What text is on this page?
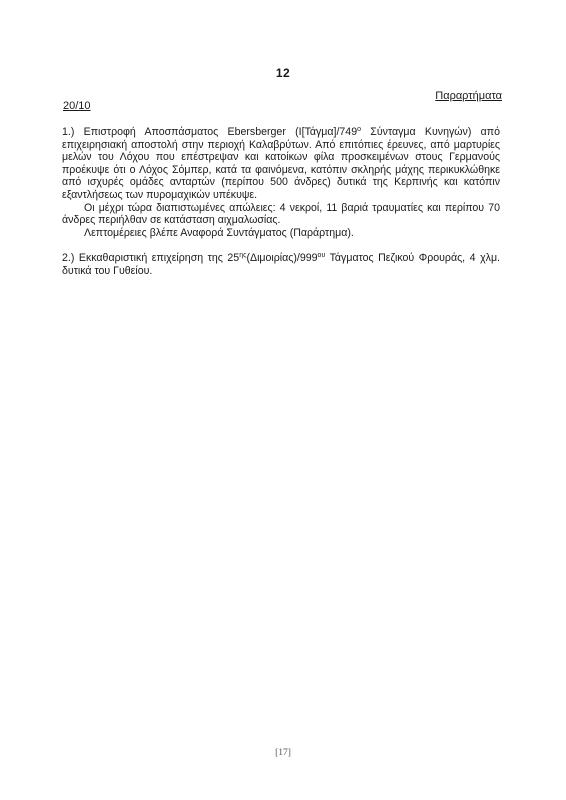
12
Παραρτήματα
20/10

1.) Επιστροφή Αποσπάσματος Ebersberger ($I[Tά\gamma\mu\alpha]/749^o$ Σύνταγμα Κυνηγών) από επιχειρησιακή αποστολή στην περιοχή Καλαβρύτων. Από επιτόπιες έρευνες, από μαρτυρίες μελών του Λόχου που επέστρεψαν και κατοίκων φίλα προσκειμένων στους Γερμανούς προέκυψε ότι ο Λόχος Σόμπερ, κατά τα φαινόμενα, κατόπιν σκληρής μάχης περικυκλώθηκε από ισχυρές ομάδες ανταρτών (περίπου 500 άνδρες) δυτικά της Κερπινής και κατόπιν εξαντλήσεως των πυρομαχικών υπέκυψε.

Οι μέχρι τώρα διαπιστωμένες απώλειες: 4 νεκροί, 11 βαριά τραυματίες και περίπου 70 άνδρες περιήλθαν σε κατάσταση αιχμαλωσίας.

Λεπτομέρειες βλέπε Αναφορά Συντάγματος (Παράρτημα).

2.) Εκκαθαριστική επιχείρηση της $25^{\eta\varsigma}(\Delta\iota\mu o\iota\rho ί\alpha\varsigma)/999^{o\upsilon}$ Τάγματος Πεζικού Φρουράς, 4 χλμ. δυτικά του Γυθείου.

[17]
